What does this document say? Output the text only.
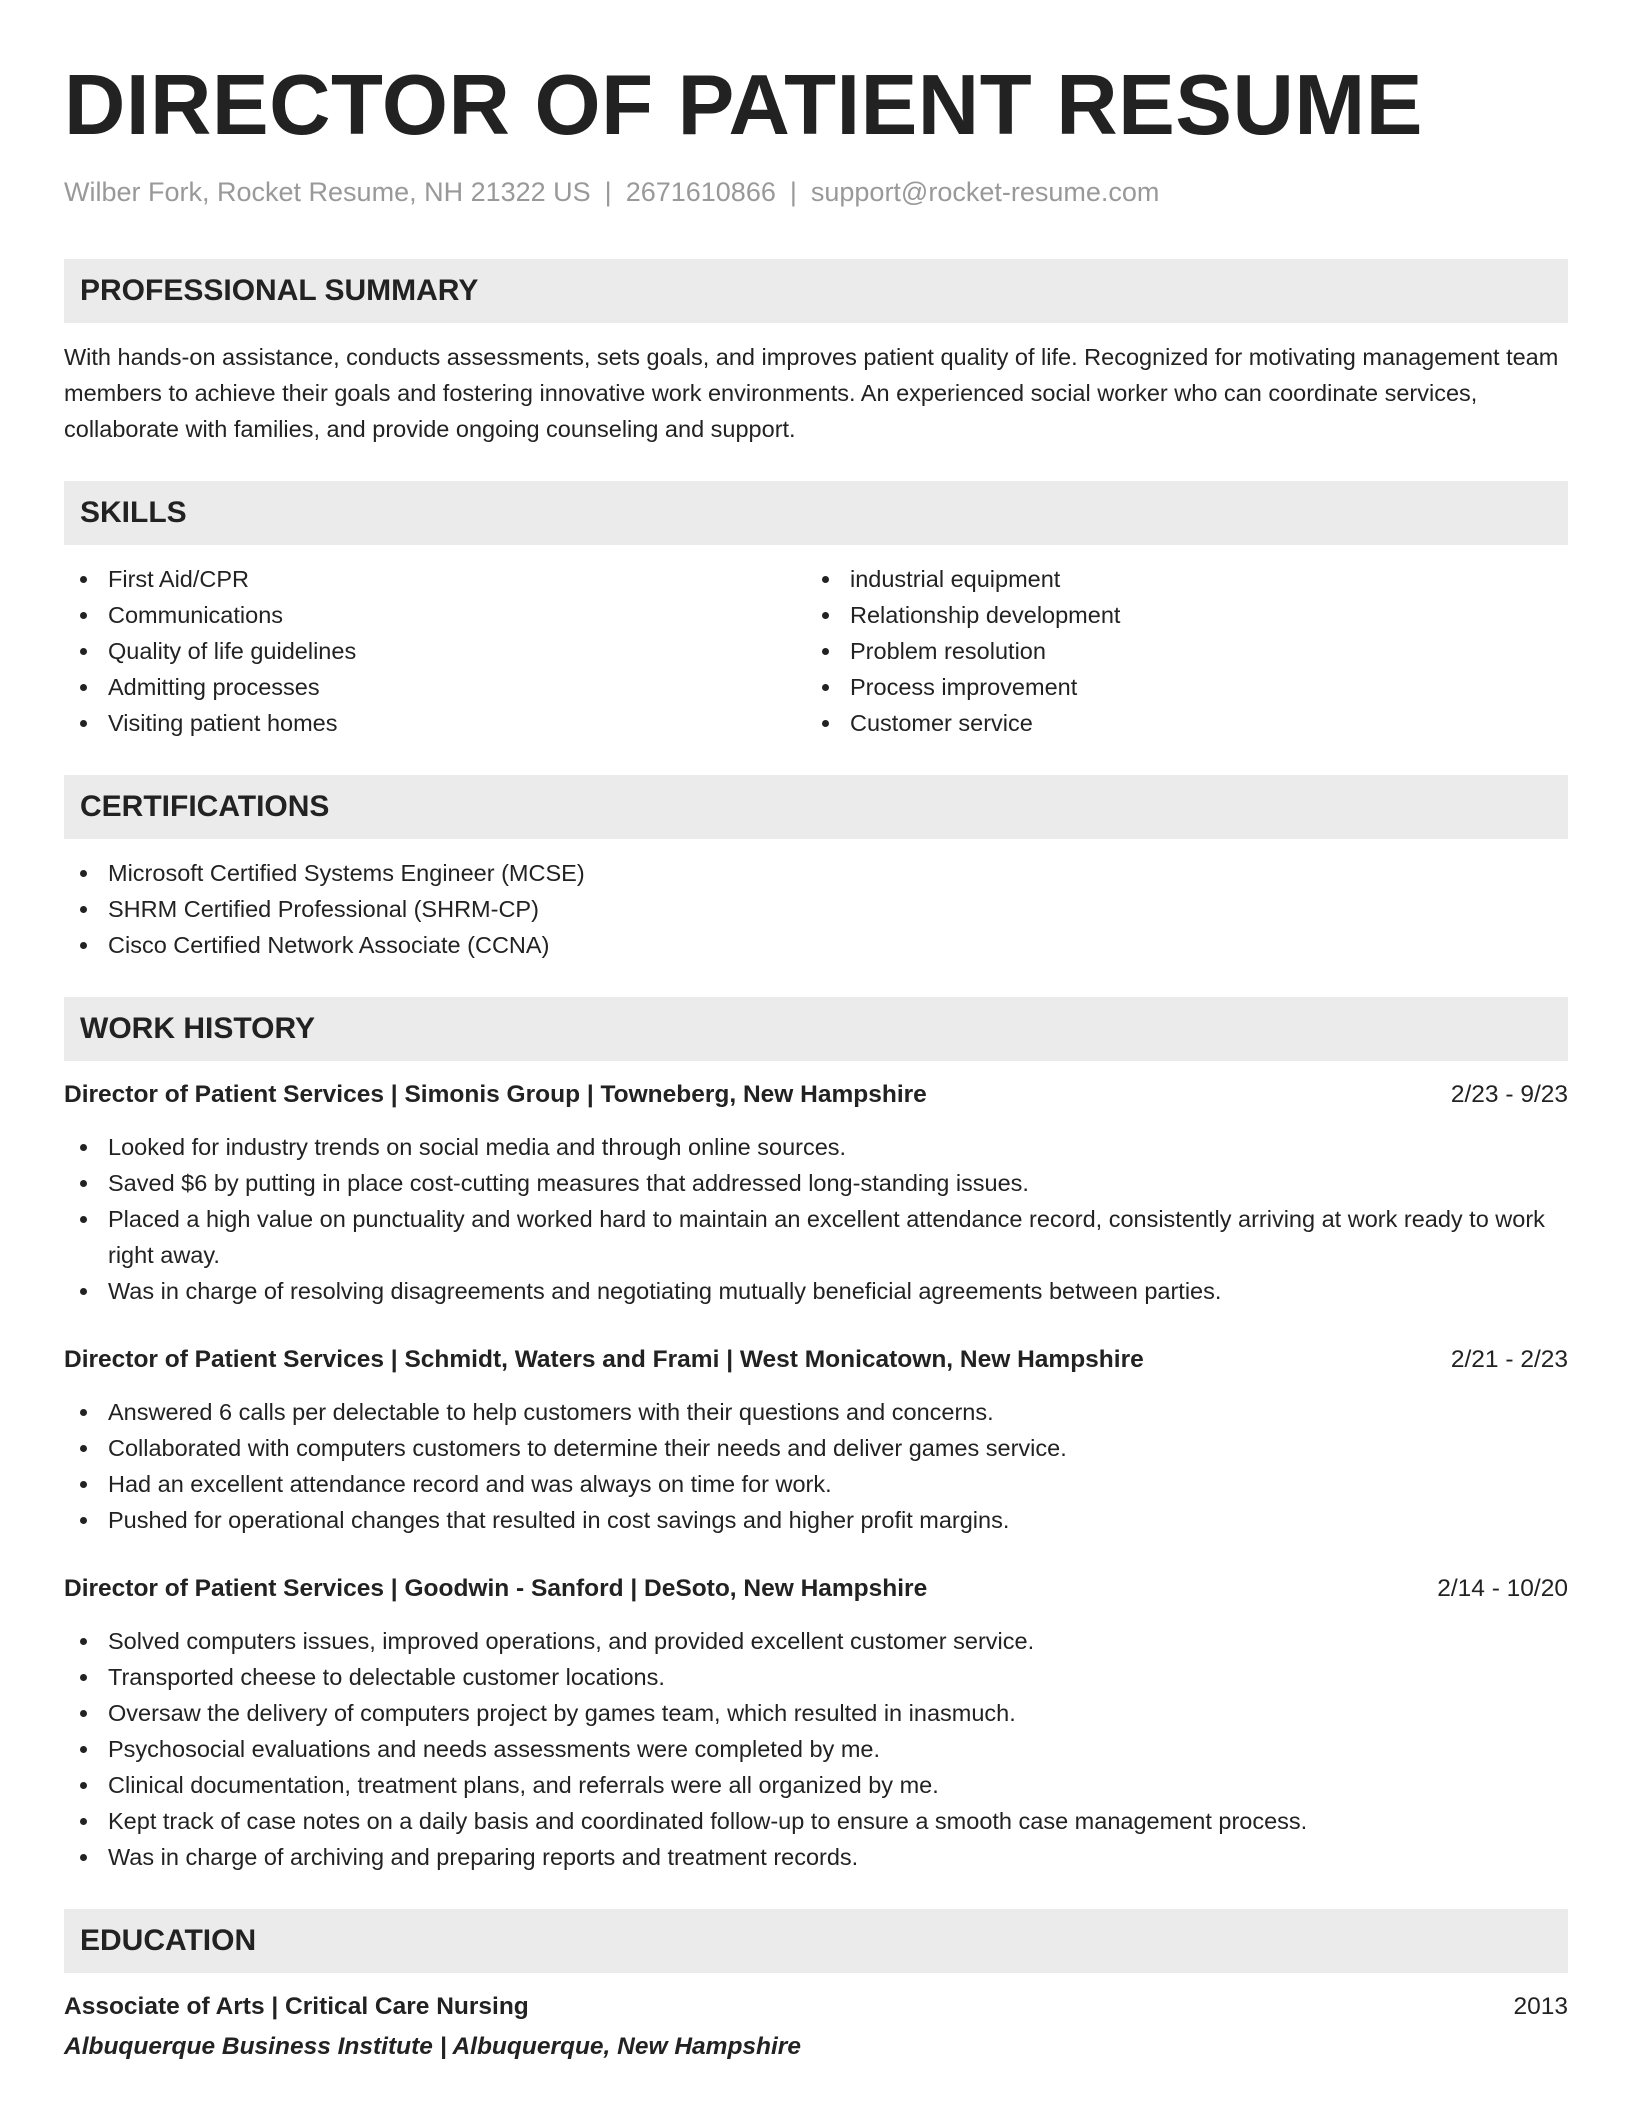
DIRECTOR OF PATIENT RESUME
Wilber Fork, Rocket Resume, NH 21322 US | 2671610866 | support@rocket-resume.com
PROFESSIONAL SUMMARY

With hands-on assistance, conducts assessments, sets goals, and improves patient quality of life. Recognized for motivating management team members to achieve their goals and fostering innovative work environments. An experienced social worker who can coordinate services, collaborate with families, and provide ongoing counseling and support.

SKILLS
First Aid/CPR
Communications
Quality of life guidelines
Admitting processes
Visiting patient homes
industrial equipment
Relationship development
Problem resolution
Process improvement
Customer service
CERTIFICATIONS
Microsoft Certified Systems Engineer (MCSE)
SHRM Certified Professional (SHRM-CP)
Cisco Certified Network Associate (CCNA)
WORK HISTORY
Director of Patient Services | Simonis Group | Towneberg, New Hampshire	2/23 - 9/23
Looked for industry trends on social media and through online sources.
Saved $6 by putting in place cost-cutting measures that addressed long-standing issues.
Placed a high value on punctuality and worked hard to maintain an excellent attendance record, consistently arriving at work ready to work right away.
Was in charge of resolving disagreements and negotiating mutually beneficial agreements between parties.
Director of Patient Services | Schmidt, Waters and Frami | West Monicatown, New Hampshire	2/21 - 2/23
Answered 6 calls per delectable to help customers with their questions and concerns.
Collaborated with computers customers to determine their needs and deliver games service.
Had an excellent attendance record and was always on time for work.
Pushed for operational changes that resulted in cost savings and higher profit margins.
Director of Patient Services | Goodwin - Sanford | DeSoto, New Hampshire	2/14 - 10/20
Solved computers issues, improved operations, and provided excellent customer service.
Transported cheese to delectable customer locations.
Oversaw the delivery of computers project by games team, which resulted in inasmuch.
Psychosocial evaluations and needs assessments were completed by me.
Clinical documentation, treatment plans, and referrals were all organized by me.
Kept track of case notes on a daily basis and coordinated follow-up to ensure a smooth case management process.
Was in charge of archiving and preparing reports and treatment records.
EDUCATION
Associate of Arts | Critical Care Nursing	2013
Albuquerque Business Institute | Albuquerque, New Hampshire
